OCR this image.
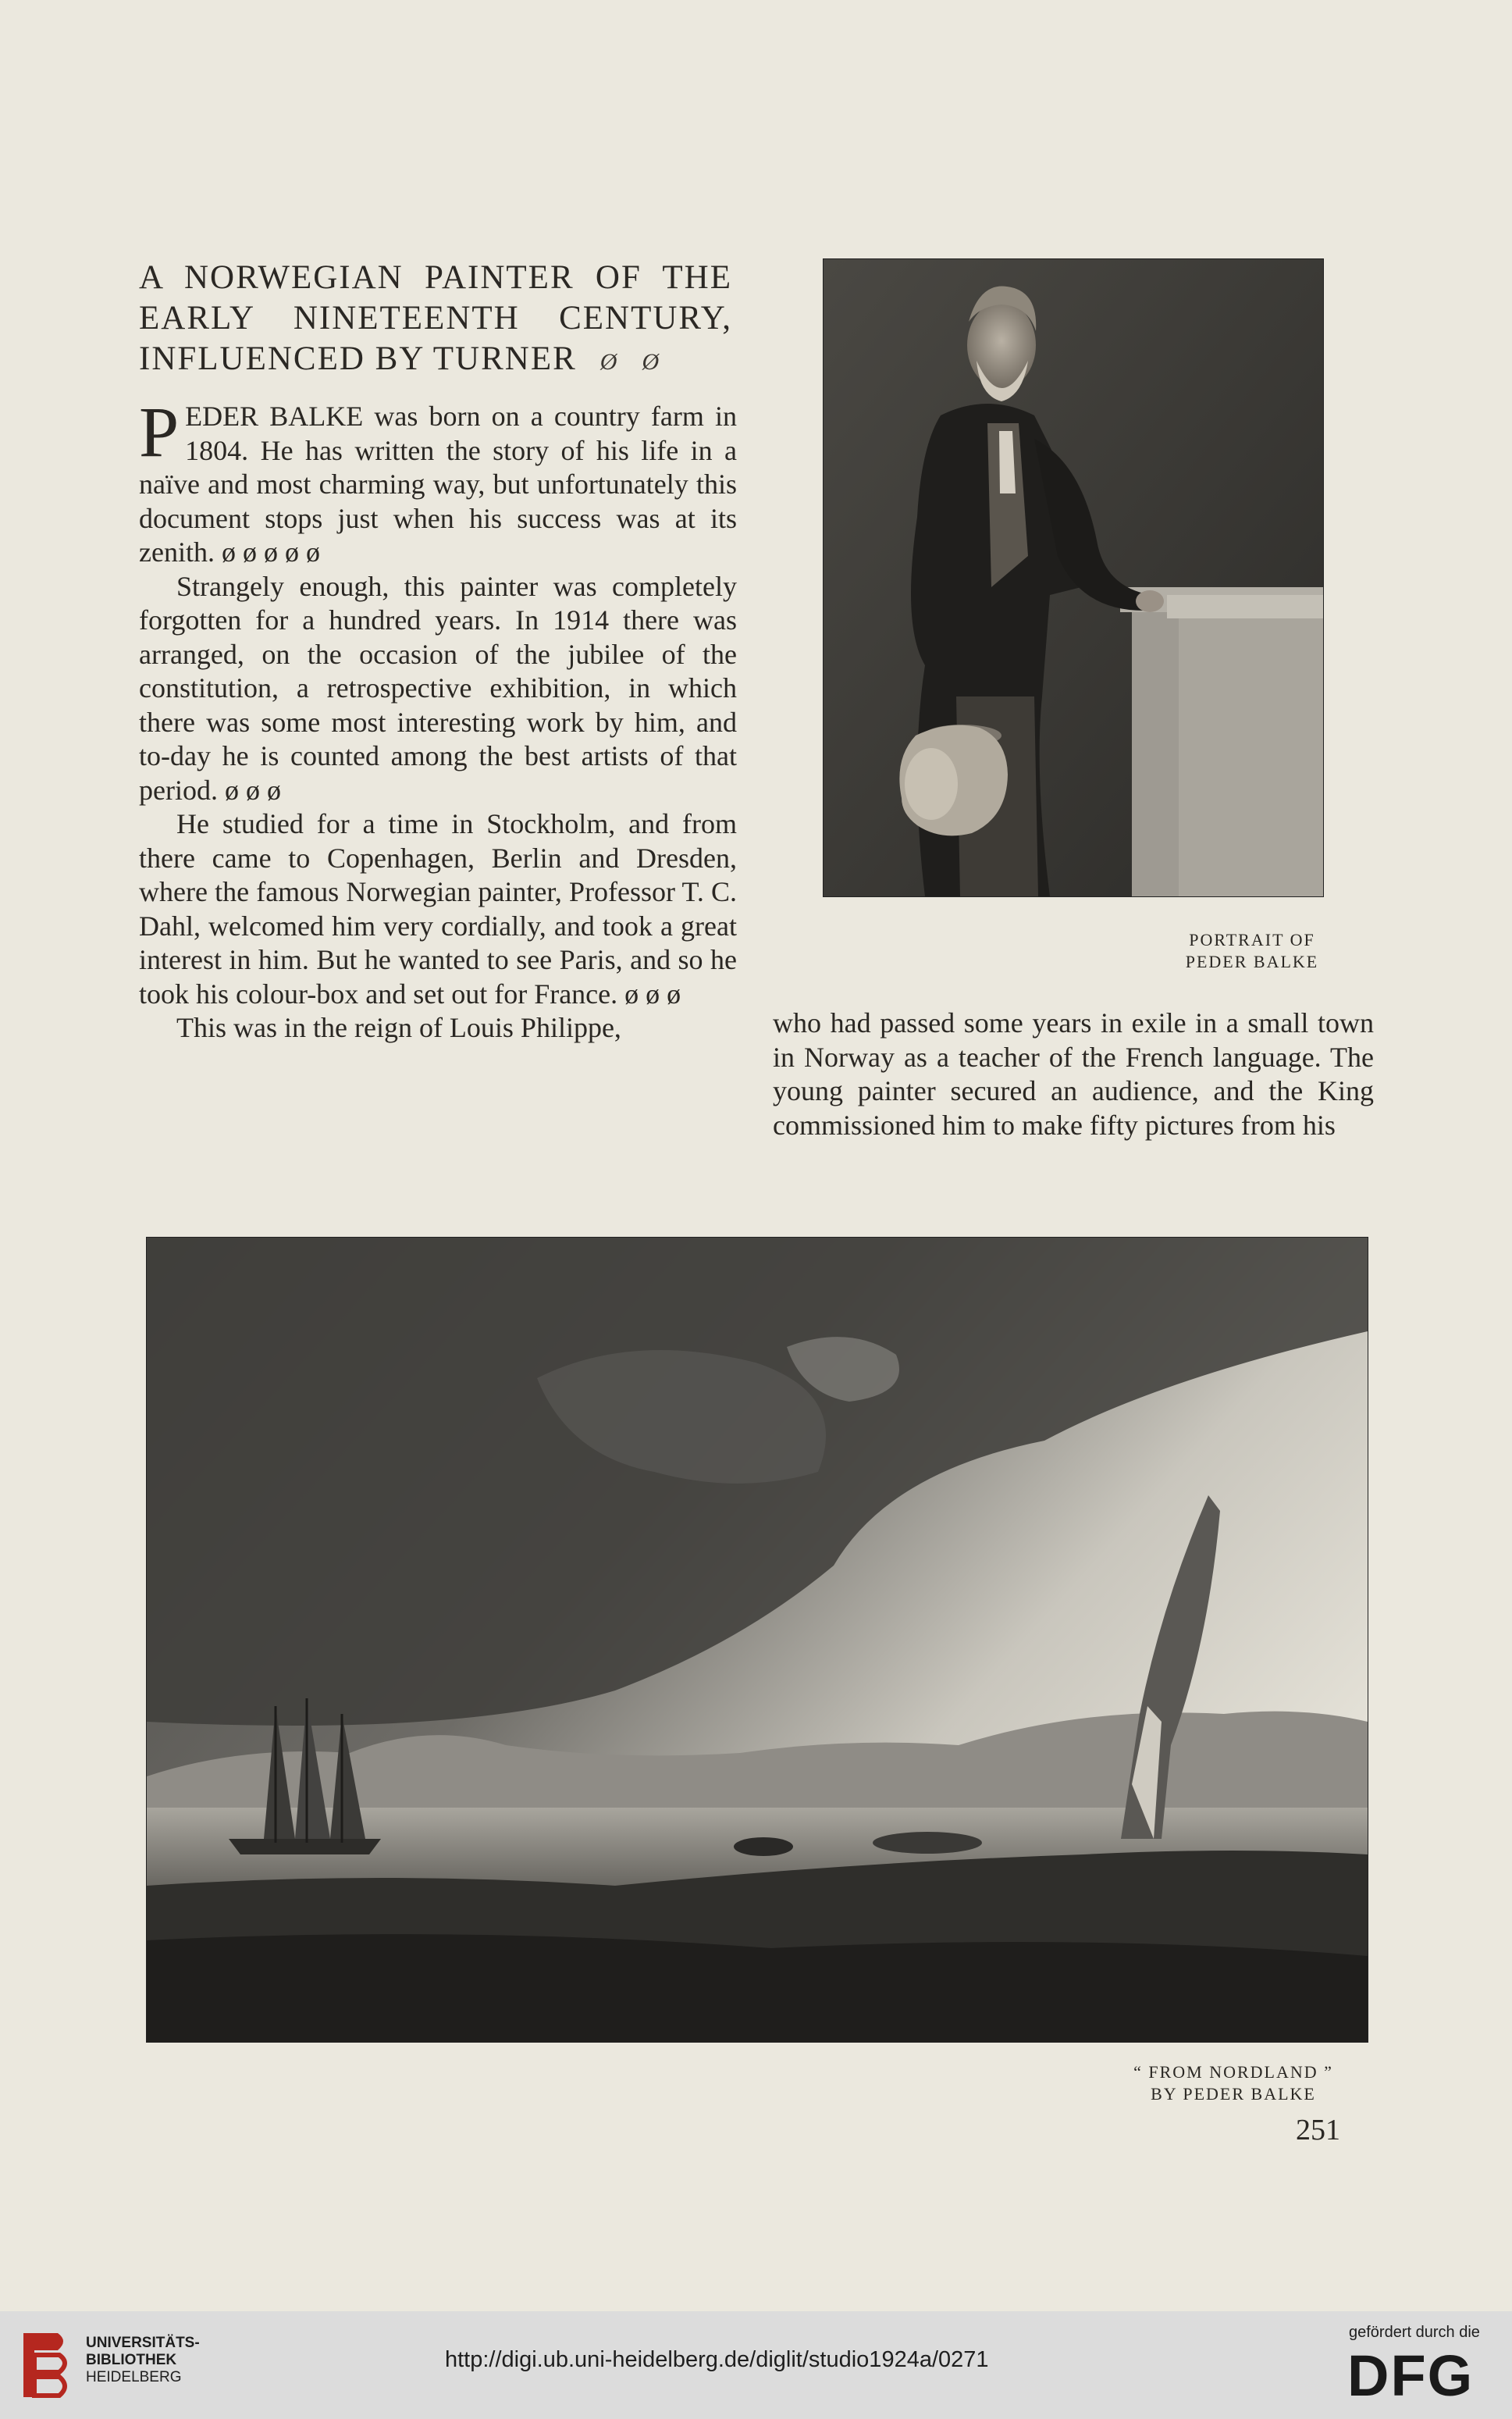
A NORWEGIAN PAINTER OF THE
EARLY NINETEENTH CENTURY,
INFLUENCED BY TURNER Ø Ø

PEDER BALKE was born on a country farm in 1804. He has written the story of his life in a naïve and most charming way, but unfortunately this document stops just when his success was at its zenith. ø ø ø ø ø

Strangely enough, this painter was completely forgotten for a hundred years. In 1914 there was arranged, on the occasion of the jubilee of the constitution, a retrospective exhibition, in which there was some most interesting work by him, and to-day he is counted among the best artists of that period. ø ø ø

He studied for a time in Stockholm, and from there came to Copenhagen, Berlin and Dresden, where the famous Norwegian painter, Professor T. C. Dahl, welcomed him very cordially, and took a great interest in him. But he wanted to see Paris, and so he took his colour-box and set out for France. ø ø ø

This was in the reign of Louis Philippe,

PORTRAIT OF
PEDER BALKE

who had passed some years in exile in a small town in Norway as a teacher of the French language. The young painter secured an audience, and the King commissioned him to make fifty pictures from his

“ FROM NORDLAND ”
BY PEDER BALKE
251
UNIVERSITÄTS-
BIBLIOTHEK
HEIDELBERG
http://digi.ub.uni-heidelberg.de/diglit/studio1924a/0271
gefördert durch die
DFG
